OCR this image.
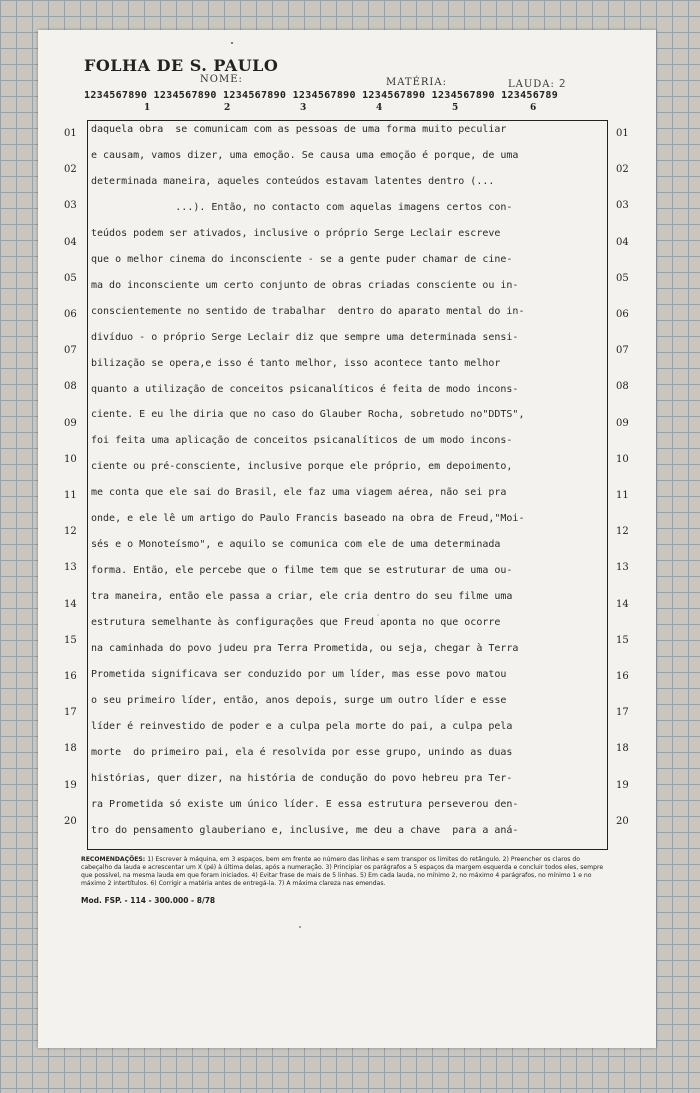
FOLHA DE S. PAULO
NOME:	MATÉRIA:	LAUDA: 2
1234567890 1234567890 1234567890 1234567890 1234567890 1234567890 123456789
1	2	3	4	5	6
01	01
02	02
03	03
04	04
05	05
06	06
07	07
08	08
09	09
10	10
11	11
12	12
13	13
14	14
15	15
16	16
17	17
18	18
19	19
20	20
daquela obra  se comunicam com as pessoas de uma forma muito peculiar
e causam, vamos dizer, uma emoção. Se causa uma emoção é porque, de uma
determinada maneira, aqueles conteúdos estavam latentes dentro (...
...). Então, no contacto com aquelas imagens certos con-
teúdos podem ser ativados, inclusive o próprio Serge Leclair escreve
que o melhor cinema do inconsciente - se a gente puder chamar de cine-
ma do inconsciente um certo conjunto de obras criadas consciente ou in-
conscientemente no sentido de trabalhar  dentro do aparato mental do in-
divíduo - o próprio Serge Leclair diz que sempre uma determinada sensi-
bilização se opera,e isso é tanto melhor, isso acontece tanto melhor
quanto a utilização de conceitos psicanalíticos é feita de modo incons-
ciente. E eu lhe diria que no caso do Glauber Rocha, sobretudo no"DDTS",
foi feita uma aplicação de conceitos psicanalíticos de um modo incons-
ciente ou pré-consciente, inclusive porque ele próprio, em depoimento,
me conta que ele sai do Brasil, ele faz uma viagem aérea, não sei pra
onde, e ele lê um artigo do Paulo Francis baseado na obra de Freud,"Moi-
sés e o Monoteísmo", e aquilo se comunica com ele de uma determinada
forma. Então, ele percebe que o filme tem que se estruturar de uma ou-
tra maneira, então ele passa a criar, ele cria dentro do seu filme uma
estrutura semelhante às configurações que Freud aponta no que ocorre
na caminhada do povo judeu pra Terra Prometida, ou seja, chegar à Terra
Prometida significava ser conduzido por um líder, mas esse povo matou
o seu primeiro líder, então, anos depois, surge um outro líder e esse
líder é reinvestido de poder e a culpa pela morte do pai, a culpa pela
morte  do primeiro pai, ela é resolvida por esse grupo, unindo as duas
histórias, quer dizer, na história de condução do povo hebreu pra Ter-
ra Prometida só existe um único líder. E essa estrutura perseverou den-
tro do pensamento glauberiano e, inclusive, me deu a chave  para a aná-

RECOMENDAÇÕES: 1) Escrever à máquina, em 3 espaços, bem em frente ao número das linhas e sem transpor os limites do retângulo. 2) Preencher os claros do cabeçalho da lauda e acrescentar um X (pé) à última delas, após a numeração. 3) Principiar os parágrafos a 5 espaços da margem esquerda e concluir todos eles, sempre que possível, na mesma lauda em que foram iniciados. 4) Evitar frase de mais de 5 linhas. 5) Em cada lauda, no mínimo 2, no máximo 4 parágrafos, no mínimo 1 e no máximo 2 intertítulos. 6) Corrigir a matéria antes de entregá-la. 7) A máxima clareza nas emendas.

Mod. FSP. - 114 - 300.000 - 8/78
